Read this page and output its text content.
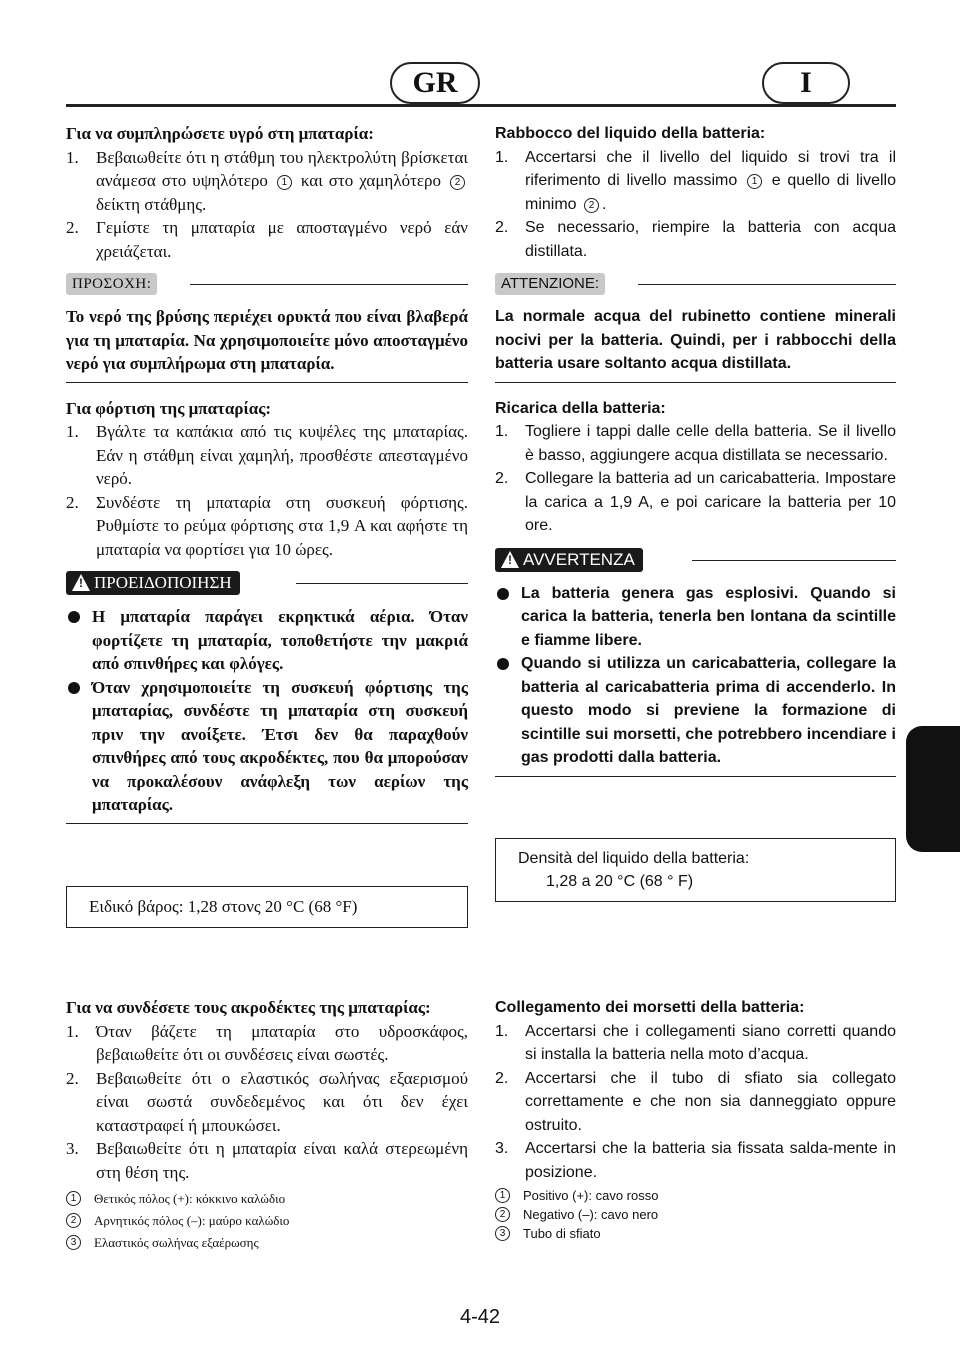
GR	I
Για να συμπληρώσετε υγρό στη μπαταρία:
1. Βεβαιωθείτε ότι η στάθμη του ηλεκτρολύτη βρίσκεται ανάμεσα στο υψηλότερο 1 και στο χαμηλότερο 2 δείκτη στάθμης.
2. Γεμίστε τη μπαταρία με αποσταγμένο νερό εάν χρειάζεται.
ΠΡΟΣΟΧΗ:
Το νερό της βρύσης περιέχει ορυκτά που είναι βλαβερά για τη μπαταρία. Να χρησιμοποιείτε μόνο αποσταγμένο νερό για συμπλήρωμα στη μπαταρία.
Για φόρτιση της μπαταρίας:
1. Βγάλτε τα καπάκια από τις κυψέλες της μπαταρίας. Εάν η στάθμη είναι χαμηλή, προσθέστε απεσταγμένο νερό.
2. Συνδέστε τη μπαταρία στη συσκευή φόρτισης. Ρυθμίστε το ρεύμα φόρτισης στα 1,9 A και αφήστε τη μπαταρία να φορτίσει για 10 ώρες.
!
ΠΡΟΕΙΔΟΠΟΙΗΣΗ
Η μπαταρία παράγει εκρηκτικά αέρια. Όταν φορτίζετε τη μπαταρία, τοποθετήστε την μακριά από σπινθήρες και φλόγες.
Όταν χρησιμοποιείτε τη συσκευή φόρτισης της μπαταρίας, συνδέστε τη μπαταρία στη συσκευή πριν την ανοίξετε. Έτσι δεν θα παραχθούν σπινθήρες από τους ακροδέκτες, που θα μπορούσαν να προκαλέσουν ανάφλεξη των αερίων της μπαταρίας.
Ειδικό βάρος: 1,28 στονς 20 °C (68 °F)
Rabbocco del liquido della batteria:
1. Accertarsi che il livello del liquido si trovi tra il riferimento di livello massimo 1 e quello di livello minimo 2 .
2. Se necessario, riempire la batteria con acqua distillata.
ATTENZIONE:
La normale acqua del rubinetto contiene minerali nocivi per la batteria. Quindi, per i rabbocchi della batteria usare soltanto acqua distillata.
Ricarica della batteria:
1. Togliere i tappi dalle celle della batteria. Se il livello è basso, aggiungere acqua distillata se necessario.
2. Collegare la batteria ad un caricabatteria. Impostare la carica a 1,9 A, e poi caricare la batteria per 10 ore.
!
AVVERTENZA
La batteria genera gas esplosivi. Quando si carica la batteria, tenerla ben lontana da scintille e fiamme libere.
Quando si utilizza un caricabatteria, collegare la batteria al caricabatteria prima di accenderlo. In questo modo si previene la formazione di scintille sui morsetti, che potrebbero incendiare i gas prodotti dalla batteria.
Densità del liquido della batteria:
1,28 a 20 °C (68 ° F)
Για να συνδέσετε τους ακροδέκτες της μπαταρίας:
1. Όταν βάζετε τη μπαταρία στο υδροσκάφος, βεβαιωθείτε ότι οι συνδέσεις είναι σωστές.
2. Βεβαιωθείτε ότι ο ελαστικός σωλήνας εξαερισμού είναι σωστά συνδεδεμένος και ότι δεν έχει καταστραφεί ή μπουκώσει.
3. Βεβαιωθείτε ότι η μπαταρία είναι καλά στερεωμένη στη θέση της.
1	Θετικός πόλος (+): κόκκινο καλώδιο
2	Αρνητικός πόλος (–): μαύρο καλώδιο
3	Ελαστικός σωλήνας εξαέρωσης
Collegamento dei morsetti della batteria:
1. Accertarsi che i collegamenti siano corretti quando si installa la batteria nella moto d’acqua.
2. Accertarsi che il tubo di sfiato sia collegato correttamente e che non sia danneggiato oppure ostruito.
3. Accertarsi che la batteria sia fissata salda-mente in posizione.
1	Positivo (+): cavo rosso
2	Negativo (–): cavo nero
3	Tubo di sfiato
4-42
